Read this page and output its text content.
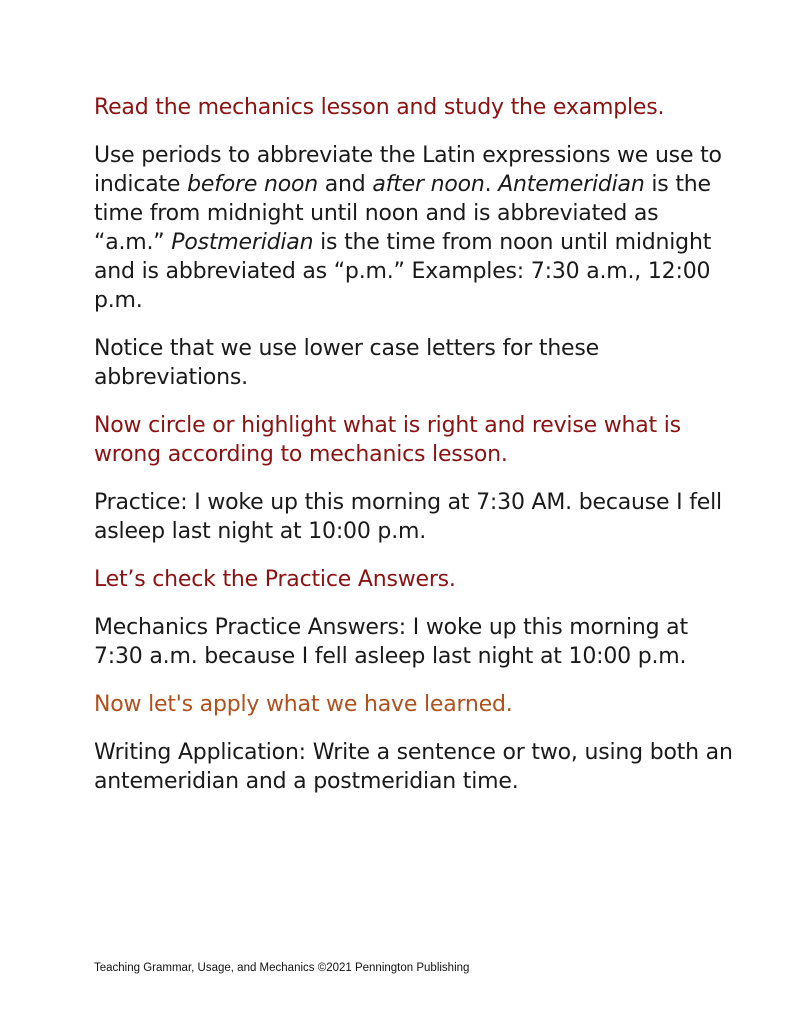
Read the mechanics lesson and study the examples.

Use periods to abbreviate the Latin expressions we use to indicate before noon and after noon. Antemeridian is the time from midnight until noon and is abbreviated as “a.m.” Postmeridian is the time from noon until midnight and is abbreviated as “p.m.” Examples: 7:30 a.m., 12:00 p.m.

Notice that we use lower case letters for these abbreviations.

Now circle or highlight what is right and revise what is wrong according to mechanics lesson.

Practice: I woke up this morning at 7:30 AM. because I fell asleep last night at 10:00 p.m.

Let’s check the Practice Answers.

Mechanics Practice Answers: I woke up this morning at 7:30 a.m. because I fell asleep last night at 10:00 p.m.

Now let's apply what we have learned.

Writing Application: Write a sentence or two, using both an antemeridian and a postmeridian time.

Teaching Grammar, Usage, and Mechanics ©2021 Pennington Publishing
